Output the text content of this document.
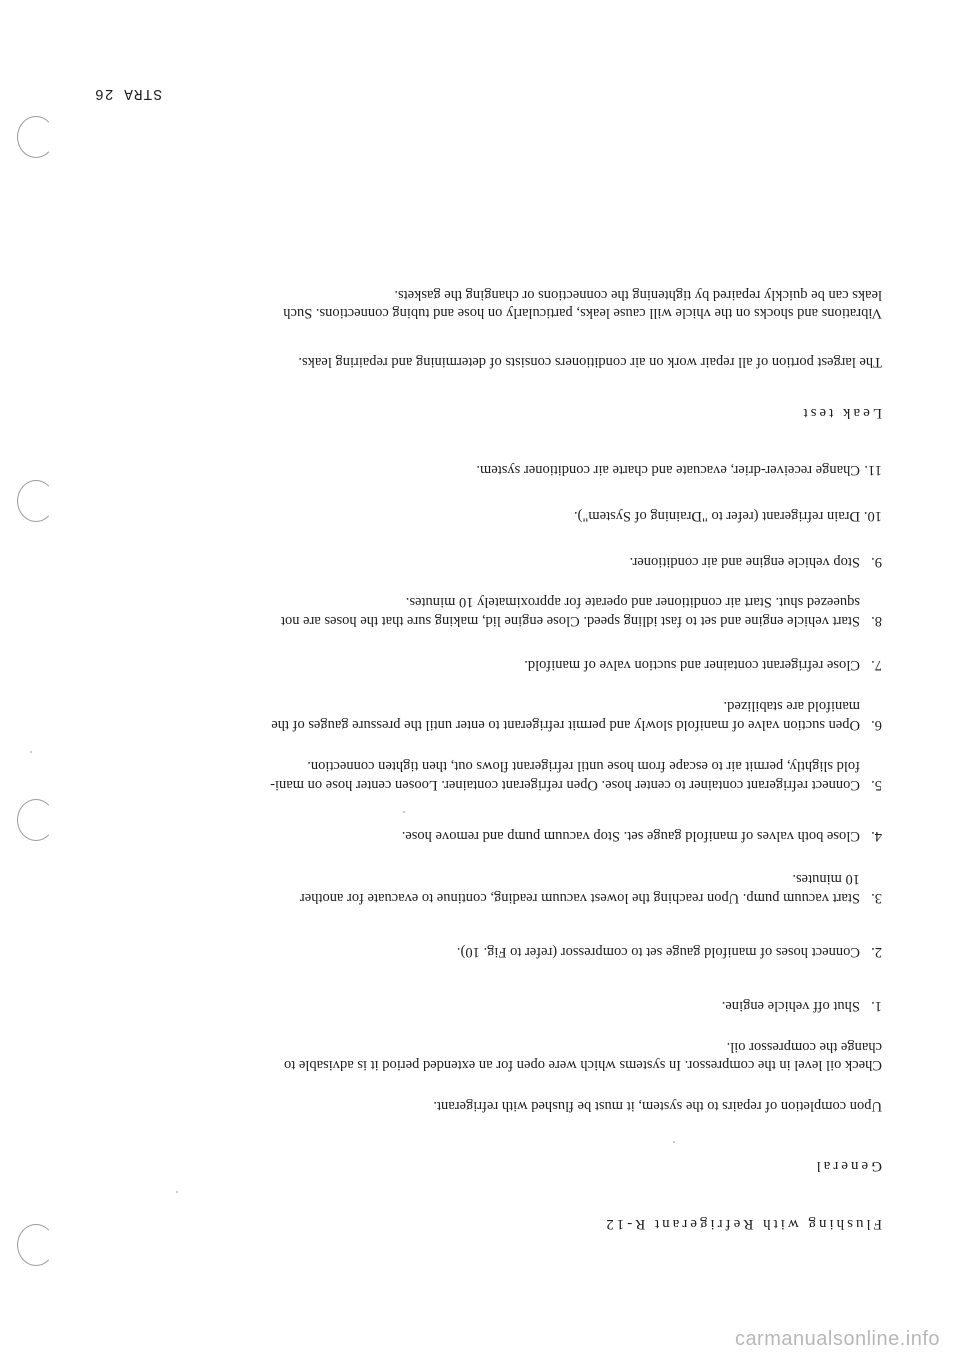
STRA 26
Flushing with Refrigerant R-12
General
Upon completion of repairs to the system, it must be flushed with refrigerant.
Check oil level in the compressor. In systems which were open for an extended period it is advisable to
change the compressor oil.
1.
Shut off vehicle engine.
2.
Connect hoses of manifold gauge set to compressor (refer to Fig. 10).
3.
Start vacuum pump. Upon reaching the lowest vacuum reading, continue to evacuate for another
10 minutes.
4.
Close both valves of manifold gauge set. Stop vacuum pump and remove hose.
5.
Connect refrigerant container to center hose. Open refrigerant container. Loosen center hose on mani-
fold slightly, permit air to escape from hose until refrigerant flows out, then tighten connection.
6.
Open suction valve of manifold slowly and permit refrigerant to enter until the pressure gauges of the
manifold are stabilized.
7.
Close refrigerant container and suction valve of manifold.
8.
Start vehicle engine and set to fast idling speed. Close engine lid, making sure that the hoses are not
squeezed shut. Start air conditioner and operate for approximately 10 minutes.
9.
Stop vehicle engine and air conditioner.
10.
Drain refrigerant (refer to "Draining of System").
11.
Change receiver-drier, evacuate and charte air conditioner system.
Leak test
The largest portion of all repair work on air conditioners consists of determining and repairing leaks.
Vibrations and shocks on the vhicle will cause leaks, particularly on hose and tubing connections. Such
leaks can be quickly repaired by tightening the connections or changing the gaskets.
carmanualsonline.info
